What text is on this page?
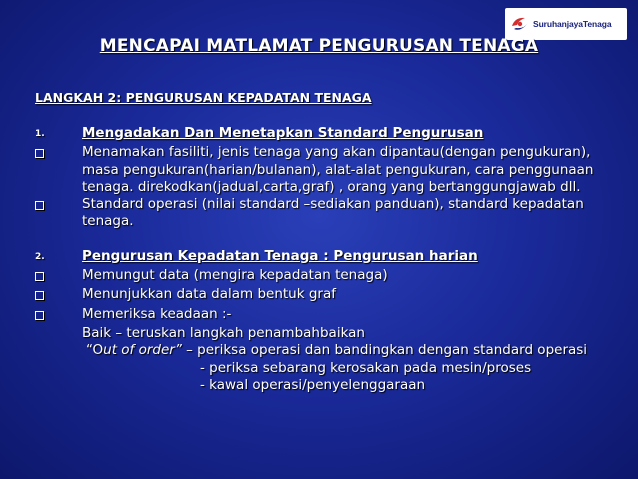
SuruhanjayaTenaga
MENCAPAI MATLAMAT PENGURUSAN TENAGA
LANGKAH 2: PENGURUSAN KEPADATAN TENAGA
1.	Mengadakan Dan Menetapkan Standard Pengurusan
Menamakan fasiliti, jenis tenaga yang akan dipantau(dengan pengukuran), masa pengukuran(harian/bulanan), alat-alat pengukuran, cara penggunaan tenaga. direkodkan(jadual,carta,graf) , orang yang bertanggungjawab dll.
Standard operasi (nilai standard –sediakan panduan), standard kepadatan tenaga.
2.	Pengurusan Kepadatan Tenaga : Pengurusan harian
Memungut data (mengira kepadatan tenaga)
Menunjukkan data dalam bentuk graf
Memeriksa keadaan :-
Baik – teruskan langkah penambahbaikan
“Out of order” – periksa operasi dan bandingkan dengan standard operasi
- periksa sebarang kerosakan pada mesin/proses
- kawal operasi/penyelenggaraan
